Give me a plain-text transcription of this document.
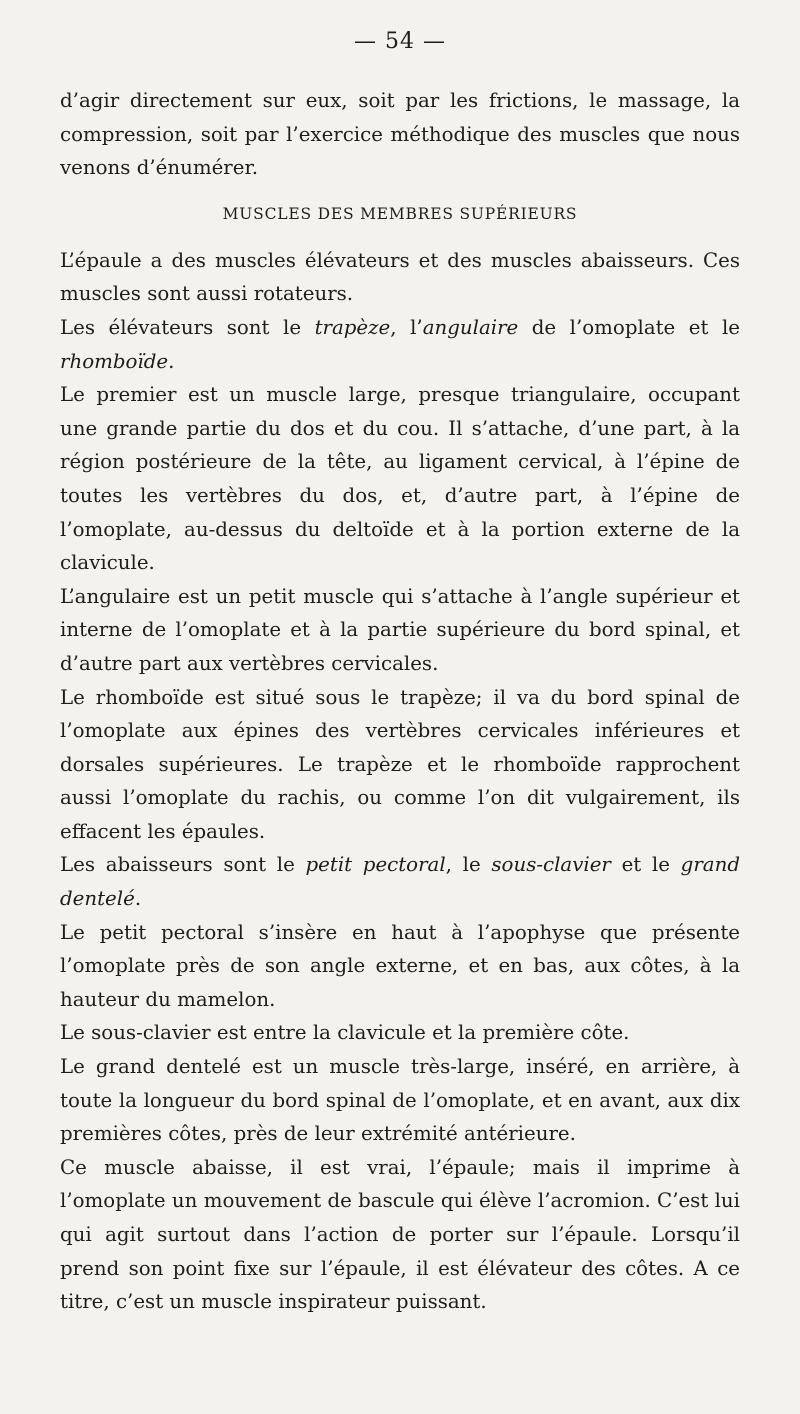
— 54 —

d’agir directement sur eux, soit par les frictions, le massage, la compression, soit par l’exercice méthodique des muscles que nous venons d’énumérer.

MUSCLES DES MEMBRES SUPÉRIEURS

L’épaule a des muscles élévateurs et des muscles abaisseurs. Ces muscles sont aussi rotateurs.

Les élévateurs sont le trapèze, l’angulaire de l’omoplate et le rhomboïde.

Le premier est un muscle large, presque triangulaire, occupant une grande partie du dos et du cou. Il s’attache, d’une part, à la région postérieure de la tête, au ligament cervical, à l’épine de toutes les vertèbres du dos, et, d’autre part, à l’épine de l’omoplate, au-dessus du deltoïde et à la portion externe de la clavicule.

L’angulaire est un petit muscle qui s’attache à l’angle supérieur et interne de l’omoplate et à la partie supérieure du bord spinal, et d’autre part aux vertèbres cervicales.

Le rhomboïde est situé sous le trapèze; il va du bord spinal de l’omoplate aux épines des vertèbres cervicales inférieures et dorsales supérieures. Le trapèze et le rhomboïde rapprochent aussi l’omoplate du rachis, ou comme l’on dit vulgairement, ils effacent les épaules.

Les abaisseurs sont le petit pectoral, le sous-clavier et le grand dentelé.

Le petit pectoral s’insère en haut à l’apophyse que présente l’omoplate près de son angle externe, et en bas, aux côtes, à la hauteur du mamelon.

Le sous-clavier est entre la clavicule et la première côte.

Le grand dentelé est un muscle très-large, inséré, en arrière, à toute la longueur du bord spinal de l’omoplate, et en avant, aux dix premières côtes, près de leur extrémité antérieure.

Ce muscle abaisse, il est vrai, l’épaule; mais il imprime à l’omoplate un mouvement de bascule qui élève l’acromion. C’est lui qui agit surtout dans l’action de porter sur l’épaule. Lorsqu’il prend son point fixe sur l’épaule, il est élévateur des côtes. A ce titre, c’est un muscle inspirateur puissant.
